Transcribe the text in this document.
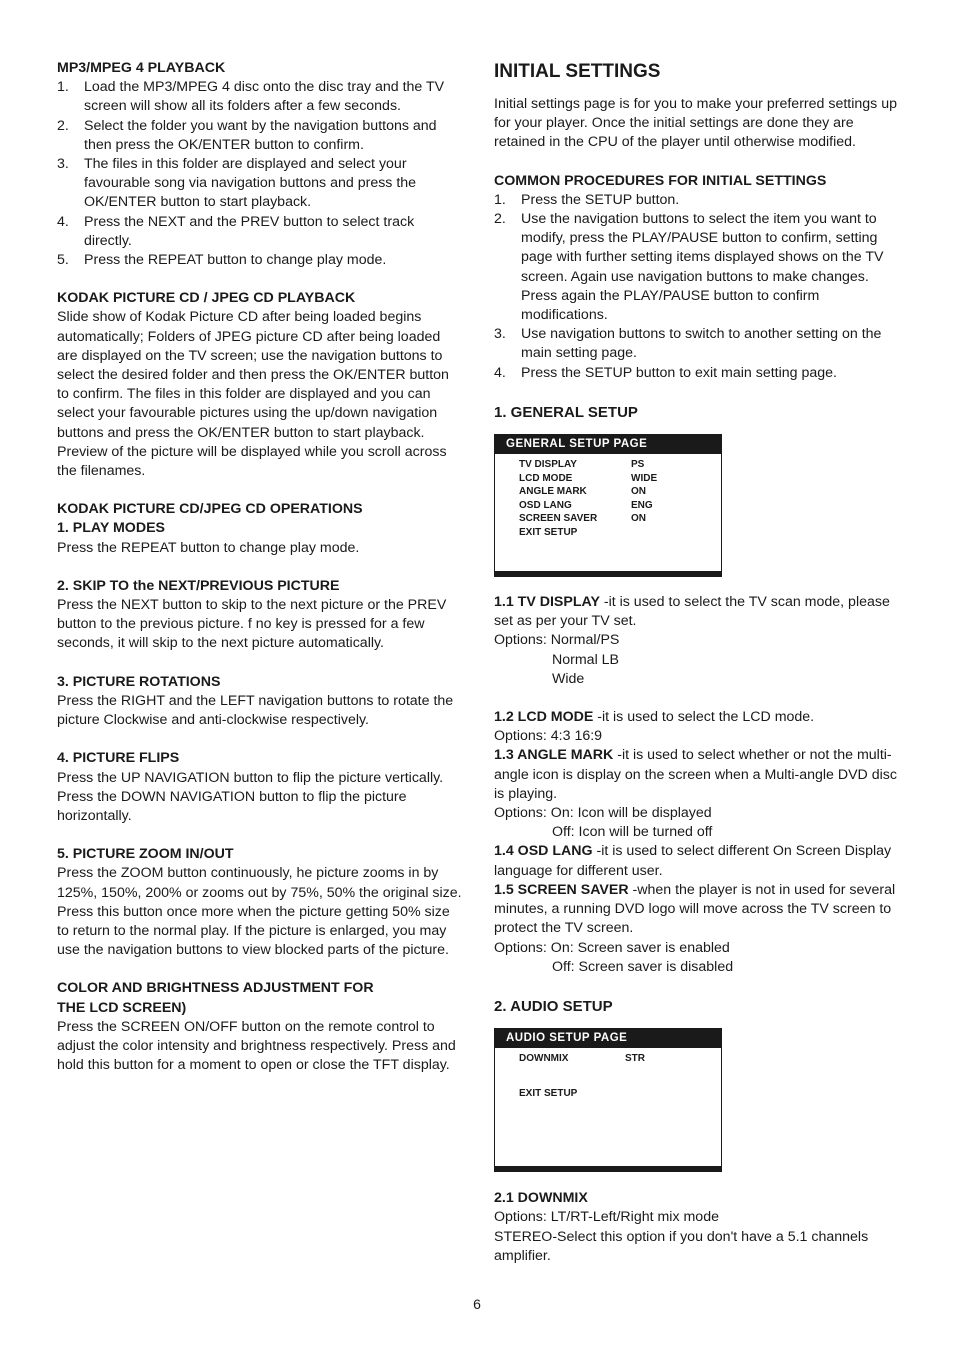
MP3/MPEG 4 PLAYBACK

1.	Load the MP3/MPEG 4 disc onto the disc tray and the TV screen will show all its folders after a few seconds.
2.	Select the folder you want by the navigation buttons and then press the OK/ENTER button to confirm.
3.	The files in this folder are displayed and select your favourable song via navigation buttons and press the OK/ENTER button to start playback.
4.	Press the NEXT and the PREV button to select track directly.
5.	Press the REPEAT button to change play mode.

KODAK PICTURE CD / JPEG CD PLAYBACK

Slide show of Kodak Picture CD after being loaded begins automatically; Folders of JPEG picture CD after being loaded are displayed on the TV screen; use the navigation buttons to select the desired folder and then press the OK/ENTER button to confirm. The files in this folder are displayed and you can select your favourable pictures using the up/down navigation buttons and press the OK/ENTER button to start playback. Preview of the picture will be displayed while you scroll across the filenames.

KODAK PICTURE CD/JPEG CD OPERATIONS

1. PLAY MODES

Press the REPEAT button to change play mode.

2. SKIP TO the NEXT/PREVIOUS PICTURE

Press the NEXT button to skip to the next picture or the PREV button to the previous picture. f no key is pressed for a few seconds, it will skip to the next picture automatically.

3. PICTURE ROTATIONS

Press the RIGHT and the LEFT navigation buttons to rotate the picture Clockwise and anti-clockwise respectively.

4. PICTURE FLIPS

Press the UP NAVIGATION button to flip the picture vertically. Press the DOWN NAVIGATION button to flip the picture horizontally.

5. PICTURE ZOOM IN/OUT

Press the ZOOM button continuously, he picture zooms in by 125%, 150%, 200% or zooms out by 75%, 50% the original size. Press this button once more when the picture getting 50% size to return to the normal play. If the picture is enlarged, you may use the navigation buttons to view blocked parts of the picture.

COLOR AND BRIGHTNESS ADJUSTMENT FOR

THE LCD SCREEN)

Press the SCREEN ON/OFF button on the remote control to adjust the color intensity and brightness respectively. Press and hold this button for a moment to open or close the TFT display.

INITIAL SETTINGS

Initial settings page is for you to make your preferred settings up for your player. Once the initial settings are done they are retained in the CPU of the player until otherwise modified.

COMMON PROCEDURES FOR INITIAL SETTINGS

1.	Press the SETUP button.
2.	Use the navigation buttons to select the item you want to modify, press the PLAY/PAUSE button to confirm, setting page with further setting items displayed shows on the TV screen. Again use navigation buttons to make changes. Press again the PLAY/PAUSE button to confirm modifications.
3.	Use navigation buttons to switch to another setting on the main setting page.
4.	Press the SETUP button to exit main setting page.

1. GENERAL SETUP

GENERAL SETUP PAGE
TV DISPLAY	PS
LCD MODE	WIDE
ANGLE MARK	ON
OSD LANG	ENG
SCREEN SAVER	ON
EXIT SETUP

1.1 TV DISPLAY -it is used to select the TV scan mode, please set as per your TV set.

Options: Normal/PS

Normal LB

Wide

1.2 LCD MODE -it is used to select the LCD mode.

Options: 4:3 16:9

1.3 ANGLE MARK -it is used to select whether or not the multi-angle icon is display on the screen when a Multi-angle DVD disc is playing.

Options: On: Icon will be displayed

Off: Icon will be turned off

1.4 OSD LANG -it is used to select different On Screen Display language for different user.

1.5 SCREEN SAVER -when the player is not in used for several minutes, a running DVD logo will move across the TV screen to protect the TV screen.

Options: On: Screen saver is enabled

Off: Screen saver is disabled

2. AUDIO SETUP

AUDIO SETUP PAGE
DOWNMIX	STR
EXIT SETUP

2.1 DOWNMIX

Options: LT/RT-Left/Right mix mode

STEREO-Select this option if you don't have a 5.1 channels amplifier.

6
